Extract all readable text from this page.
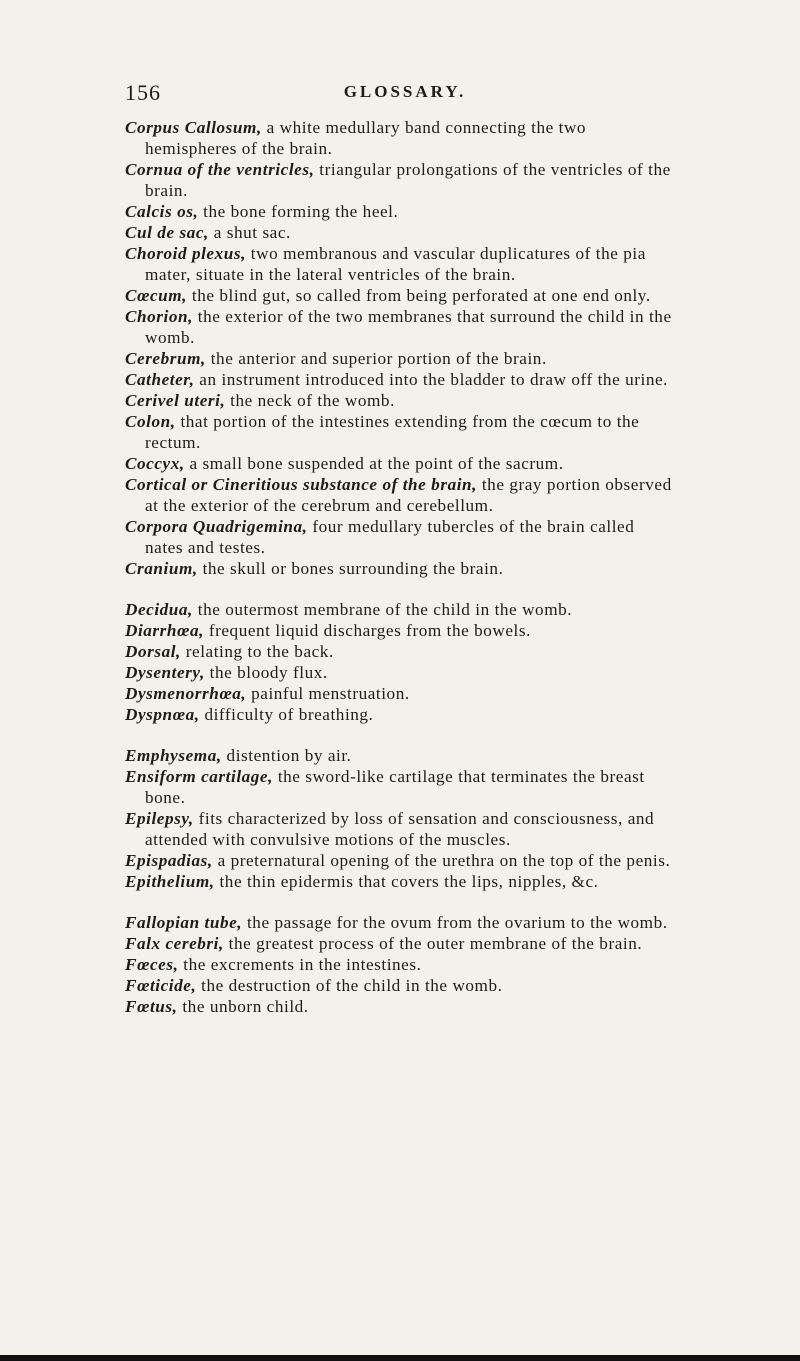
156	GLOSSARY.

Corpus Callosum, a white medullary band connecting the two hemispheres of the brain.

Cornua of the ventricles, triangular prolongations of the ventricles of the brain.

Calcis os, the bone forming the heel.

Cul de sac, a shut sac.

Choroid plexus, two membranous and vascular duplicatures of the pia mater, situate in the lateral ventricles of the brain.

Cœcum, the blind gut, so called from being perforated at one end only.

Chorion, the exterior of the two membranes that surround the child in the womb.

Cerebrum, the anterior and superior portion of the brain.

Catheter, an instrument introduced into the bladder to draw off the urine.

Cerivel uteri, the neck of the womb.

Colon, that portion of the intestines extending from the cœcum to the rectum.

Coccyx, a small bone suspended at the point of the sacrum.

Cortical or Cineritious substance of the brain, the gray portion observed at the exterior of the cerebrum and cerebellum.

Corpora Quadrigemina, four medullary tubercles of the brain called nates and testes.

Cranium, the skull or bones surrounding the brain.

Decidua, the outermost membrane of the child in the womb.

Diarrhœa, frequent liquid discharges from the bowels.

Dorsal, relating to the back.

Dysentery, the bloody flux.

Dysmenorrhœa, painful menstruation.

Dyspnœa, difficulty of breathing.

Emphysema, distention by air.

Ensiform cartilage, the sword-like cartilage that terminates the breast bone.

Epilepsy, fits characterized by loss of sensation and consciousness, and attended with convulsive motions of the muscles.

Epispadias, a preternatural opening of the urethra on the top of the penis.

Epithelium, the thin epidermis that covers the lips, nipples, &c.

Fallopian tube, the passage for the ovum from the ovarium to the womb.

Falx cerebri, the greatest process of the outer membrane of the brain.

Fœces, the excrements in the intestines.

Fœticide, the destruction of the child in the womb.

Fœtus, the unborn child.
